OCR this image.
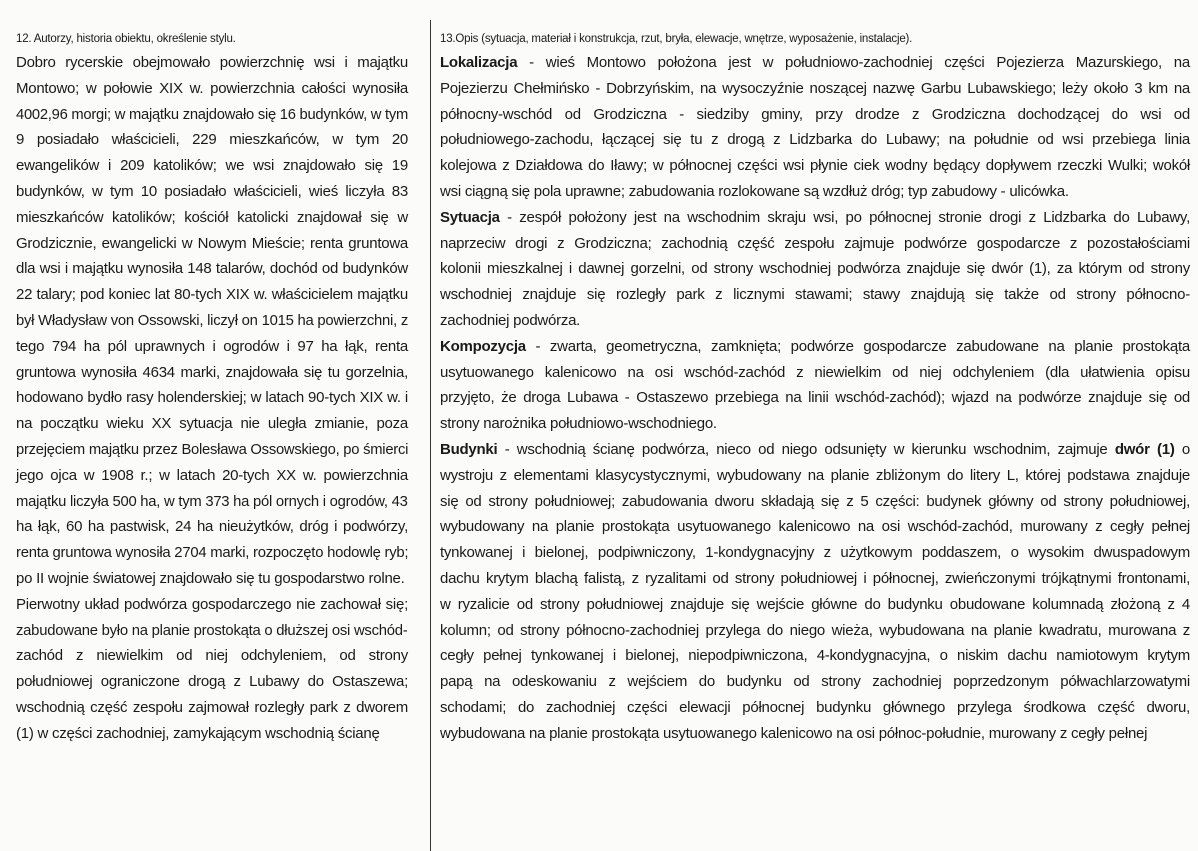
12. Autorzy, historia obiektu, określenie stylu.	13.Opis (sytuacja, materiał i konstrukcja, rzut, bryła, elewacje, wnętrze, wyposażenie, instalacje).
Dobro rycerskie obejmowało powierzchnię wsi i majątku
Montowo; w połowie XIX w. powierzchnia całości wynosiła
4002,96 morgi; w majątku znajdowało się 16 budynków, w tym
9 posiadało właścicieli, 229 mieszkańców, w tym 20
ewangelików i 209 katolików; we wsi znajdowało się 19
budynków, w tym 10 posiadało właścicieli, wieś liczyła 83
mieszkańców katolików; kościół katolicki znajdował się w
Grodzicznie, ewangelicki w Nowym Mieście; renta gruntowa
dla wsi i majątku wynosiła 148 talarów, dochód od budynków
22 talary; pod koniec lat 80-tych XIX w. właścicielem majątku
był Władysław von Ossowski, liczył on 1015 ha powierzchni, z
tego 794 ha pól uprawnych i ogrodów i 97 ha łąk, renta
gruntowa wynosiła 4634 marki, znajdowała się tu gorzelnia,
hodowano bydło rasy holenderskiej; w latach 90-tych XIX w. i
na początku wieku XX sytuacja nie uległa zmianie, poza
przejęciem majątku przez Bolesława Ossowskiego, po śmierci
jego ojca w 1908 r.; w latach 20-tych XX w. powierzchnia
majątku liczyła 500 ha, w tym 373 ha pól ornych i ogrodów, 43
ha łąk, 60 ha pastwisk, 24 ha nieużytków, dróg i podwórzy,
renta gruntowa wynosiła 2704 marki, rozpoczęto hodowlę ryb;
po II wojnie światowej znajdowało się tu gospodarstwo rolne.
Pierwotny układ podwórza gospodarczego nie zachował się;
zabudowane było na planie prostokąta o dłuższej osi wschód-
zachód z niewielkim od niej odchyleniem, od strony
południowej ograniczone drogą z Lubawy do Ostaszewa;
wschodnią część zespołu zajmował rozległy park z dworem
(1) w części zachodniej, zamykającym wschodnią ścianę
Lokalizacja - wieś Montowo położona jest w południowo-zachodniej części Pojezierza Mazurskiego, na
Pojezierzu Chełmińsko - Dobrzyńskim, na wysoczyźnie noszącej nazwę Garbu Lubawskiego; leży około 3 km na
północny-wschód od Grodziczna - siedziby gminy, przy drodze z Grodziczna dochodzącej do wsi od
południowego-zachodu, łączącej się tu z drogą z Lidzbarka do Lubawy; na południe od wsi przebiega linia
kolejowa z Działdowa do Iławy; w północnej części wsi płynie ciek wodny będący dopływem rzeczki Wulki; wokół
wsi ciągną się pola uprawne; zabudowania rozlokowane są wzdłuż dróg; typ zabudowy - ulicówka.
Sytuacja - zespół położony jest na wschodnim skraju wsi, po północnej stronie drogi z Lidzbarka do Lubawy,
naprzeciw drogi z Grodziczna; zachodnią część zespołu zajmuje podwórze gospodarcze z pozostałościami
kolonii mieszkalnej i dawnej gorzelni, od strony wschodniej podwórza znajduje się dwór (1), za którym od strony
wschodniej znajduje się rozległy park z licznymi stawami; stawy znajdują się także od strony północno-
zachodniej podwórza.
Kompozycja - zwarta, geometryczna, zamknięta; podwórze gospodarcze zabudowane na planie prostokąta
usytuowanego kalenicowo na osi wschód-zachód z niewielkim od niej odchyleniem (dla ułatwienia opisu
przyjęto, że droga Lubawa - Ostaszewo przebiega na linii wschód-zachód); wjazd na podwórze znajduje się od
strony narożnika południowo-wschodniego.
Budynki - wschodnią ścianę podwórza, nieco od niego odsunięty w kierunku wschodnim, zajmuje dwór (1) o
wystroju z elementami klasycystycznymi, wybudowany na planie zbliżonym do litery L, której podstawa znajduje
się od strony południowej; zabudowania dworu składają się z 5 części: budynek główny od strony południowej,
wybudowany na planie prostokąta usytuowanego kalenicowo na osi wschód-zachód, murowany z cegły pełnej
tynkowanej i bielonej, podpiwniczony, 1-kondygnacyjny z użytkowym poddaszem, o wysokim dwuspadowym
dachu krytym blachą falistą, z ryzalitami od strony południowej i północnej, zwieńczonymi trójkątnymi frontonami,
w ryzalicie od strony południowej znajduje się wejście główne do budynku obudowane kolumnadą złożoną z 4
kolumn; od strony północno-zachodniej przylega do niego wieża, wybudowana na planie kwadratu, murowana z
cegły pełnej tynkowanej i bielonej, niepodpiwniczona, 4-kondygnacyjna, o niskim dachu namiotowym krytym
papą na odeskowaniu z wejściem do budynku od strony zachodniej poprzedzonym półwachlarzowatymi
schodami; do zachodniej części elewacji północnej budynku głównego przylega środkowa część dworu,
wybudowana na planie prostokąta usytuowanego kalenicowo na osi północ-południe, murowany z cegły pełnej
